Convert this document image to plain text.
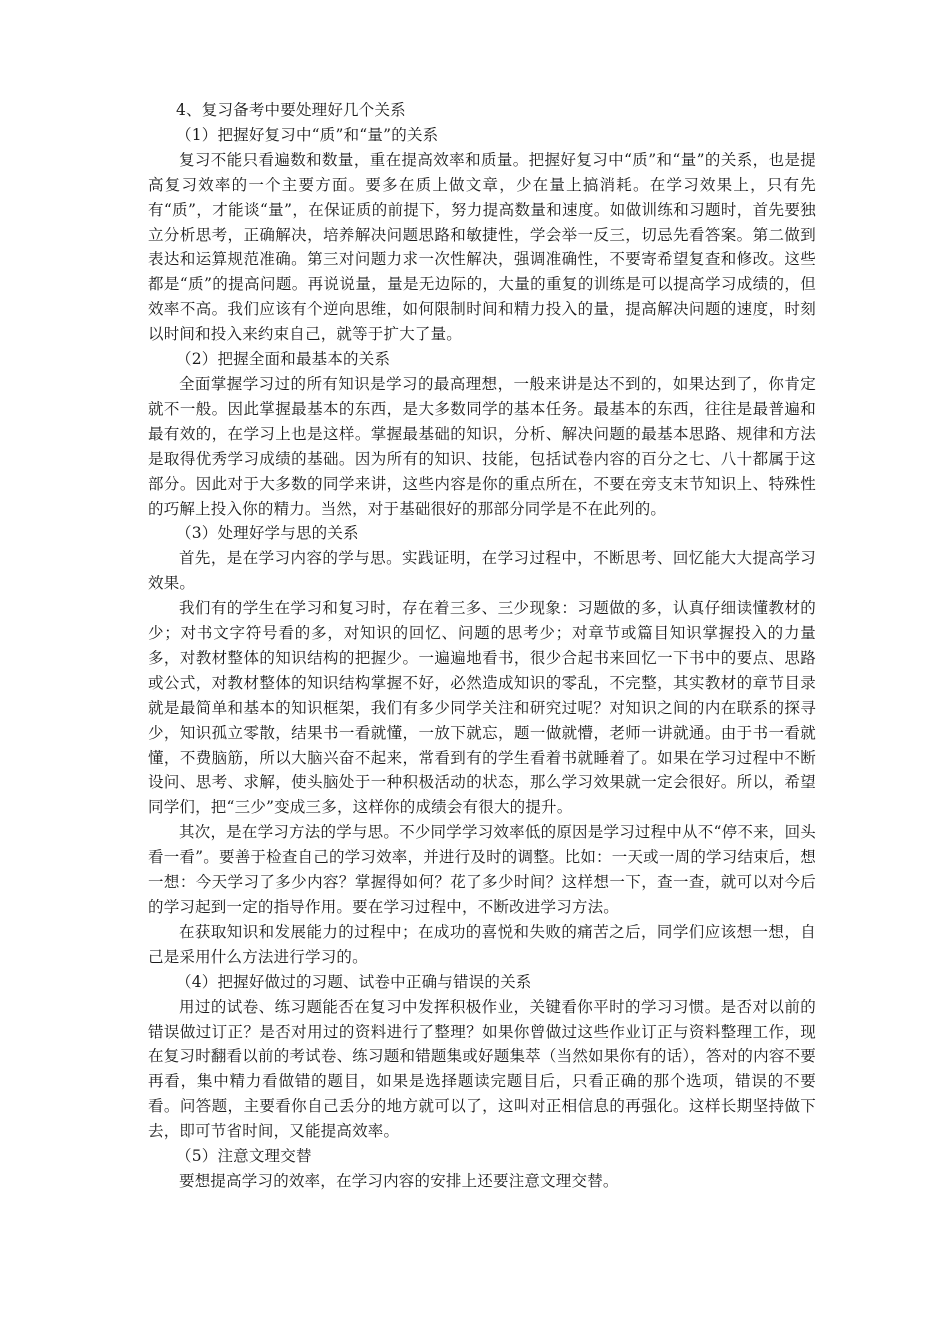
4、复习备考中要处理好几个关系

（1）把握好复习中“质”和“量”的关系

复习不能只看遍数和数量，重在提高效率和质量。把握好复习中“质”和“量”的关系，也是提高复习效率的一个主要方面。要多在质上做文章，少在量上搞消耗。在学习效果上，只有先有“质”，才能谈“量”，在保证质的前提下，努力提高数量和速度。如做训练和习题时，首先要独立分析思考，正确解决，培养解决问题思路和敏捷性，学会举一反三，切忌先看答案。第二做到表达和运算规范准确。第三对问题力求一次性解决，强调准确性，不要寄希望复查和修改。这些都是“质”的提高问题。再说说量，量是无边际的，大量的重复的训练是可以提高学习成绩的，但效率不高。我们应该有个逆向思维，如何限制时间和精力投入的量，提高解决问题的速度，时刻以时间和投入来约束自己，就等于扩大了量。

（2）把握全面和最基本的关系

全面掌握学习过的所有知识是学习的最高理想，一般来讲是达不到的，如果达到了，你肯定就不一般。因此掌握最基本的东西，是大多数同学的基本任务。最基本的东西，往往是最普遍和最有效的，在学习上也是这样。掌握最基础的知识，分析、解决问题的最基本思路、规律和方法是取得优秀学习成绩的基础。因为所有的知识、技能，包括试卷内容的百分之七、八十都属于这部分。因此对于大多数的同学来讲，这些内容是你的重点所在，不要在旁支末节知识上、特殊性的巧解上投入你的精力。当然，对于基础很好的那部分同学是不在此列的。

（3）处理好学与思的关系

首先，是在学习内容的学与思。实践证明，在学习过程中，不断思考、回忆能大大提高学习效果。

我们有的学生在学习和复习时，存在着三多、三少现象：习题做的多，认真仔细读懂教材的少；对书文字符号看的多，对知识的回忆、问题的思考少；对章节或篇目知识掌握投入的力量多，对教材整体的知识结构的把握少。一遍遍地看书，很少合起书来回忆一下书中的要点、思路或公式，对教材整体的知识结构掌握不好，必然造成知识的零乱，不完整，其实教材的章节目录就是最简单和基本的知识框架，我们有多少同学关注和研究过呢？对知识之间的内在联系的探寻少，知识孤立零散，结果书一看就懂，一放下就忘，题一做就懵，老师一讲就通。由于书一看就懂，不费脑筋，所以大脑兴奋不起来，常看到有的学生看着书就睡着了。如果在学习过程中不断设问、思考、求解，使头脑处于一种积极活动的状态，那么学习效果就一定会很好。所以，希望同学们，把“三少”变成三多，这样你的成绩会有很大的提升。

其次，是在学习方法的学与思。不少同学学习效率低的原因是学习过程中从不“停不来，回头看一看”。要善于检查自己的学习效率，并进行及时的调整。比如：一天或一周的学习结束后，想一想：今天学习了多少内容？掌握得如何？花了多少时间？这样想一下，查一查，就可以对今后的学习起到一定的指导作用。要在学习过程中，不断改进学习方法。

在获取知识和发展能力的过程中；在成功的喜悦和失败的痛苦之后，同学们应该想一想，自己是采用什么方法进行学习的。

（4）把握好做过的习题、试卷中正确与错误的关系

用过的试卷、练习题能否在复习中发挥积极作业，关键看你平时的学习习惯。是否对以前的错误做过订正？是否对用过的资料进行了整理？如果你曾做过这些作业订正与资料整理工作，现在复习时翻看以前的考试卷、练习题和错题集或好题集萃（当然如果你有的话），答对的内容不要再看，集中精力看做错的题目，如果是选择题读完题目后，只看正确的那个选项，错误的不要看。问答题，主要看你自己丢分的地方就可以了，这叫对正相信息的再强化。这样长期坚持做下去，即可节省时间，又能提高效率。

（5）注意文理交替

要想提高学习的效率，在学习内容的安排上还要注意文理交替。
